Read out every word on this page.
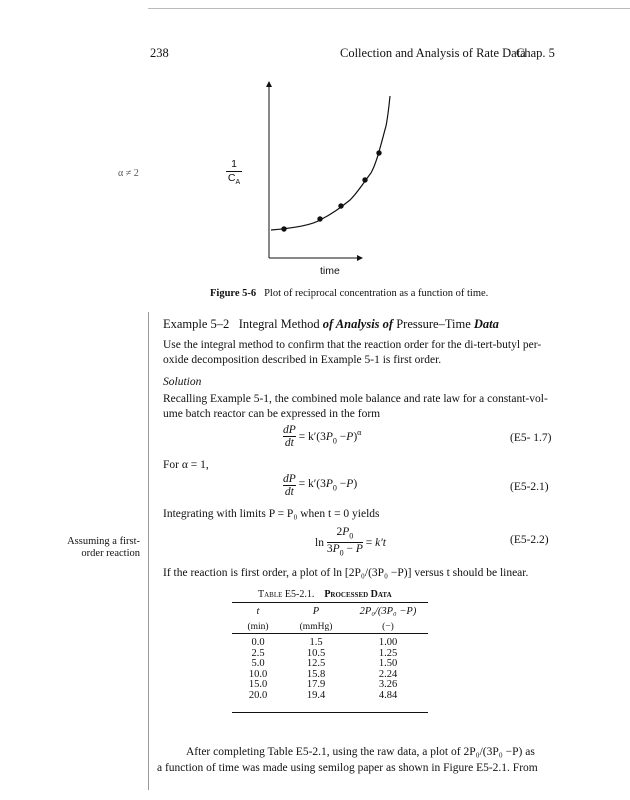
238	Collection and Analysis of Rate Data
Chap. 5
1
$C_A$
time
α ≠ 2
Figure 5-6 Plot of reciprocal concentration as a function of time.
Example 5–2 Integral Method of Analysis of Pressure–Time Data
Use the integral method to confirm that the reaction order for the di-tert-butyl per-
oxide decomposition described in Example 5-1 is first order.
Solution
Recalling Example 5-1, the combined mole balance and rate law for a constant-vol-
ume batch reactor can be expressed in the form
$\frac{dP}{dt} = k'(3P_0 -P)^\alpha$	(E5- 1.7)
For α = 1,
$\frac{dP}{dt} = k'(3P_0 -P)$	(E5-2.1)
Integrating with limits P = P₀ when t = 0 yields
Assuming a first-order reaction
$\ln \frac{2P_0}{3P_0 - P} = k't$	(E5-2.2)
If the reaction is first order, a plot of ln [2P₀/(3P₀ −P)] versus t should be linear.
Table E5-2.1. Processed Data
t	P	2P₀/(3P₀ −P)
(min)	(mmHg)	(−)
0.0	1.5	1.00
2.5	10.5	1.25
5.0	12.5	1.50
10.0	15.8	2.24
15.0	17.9	3.26
20.0	19.4	4.84
After completing Table E5-2.1, using the raw data, a plot of 2P₀/(3P₀ −P) as
a function of time was made using semilog paper as shown in Figure E5-2.1. From
